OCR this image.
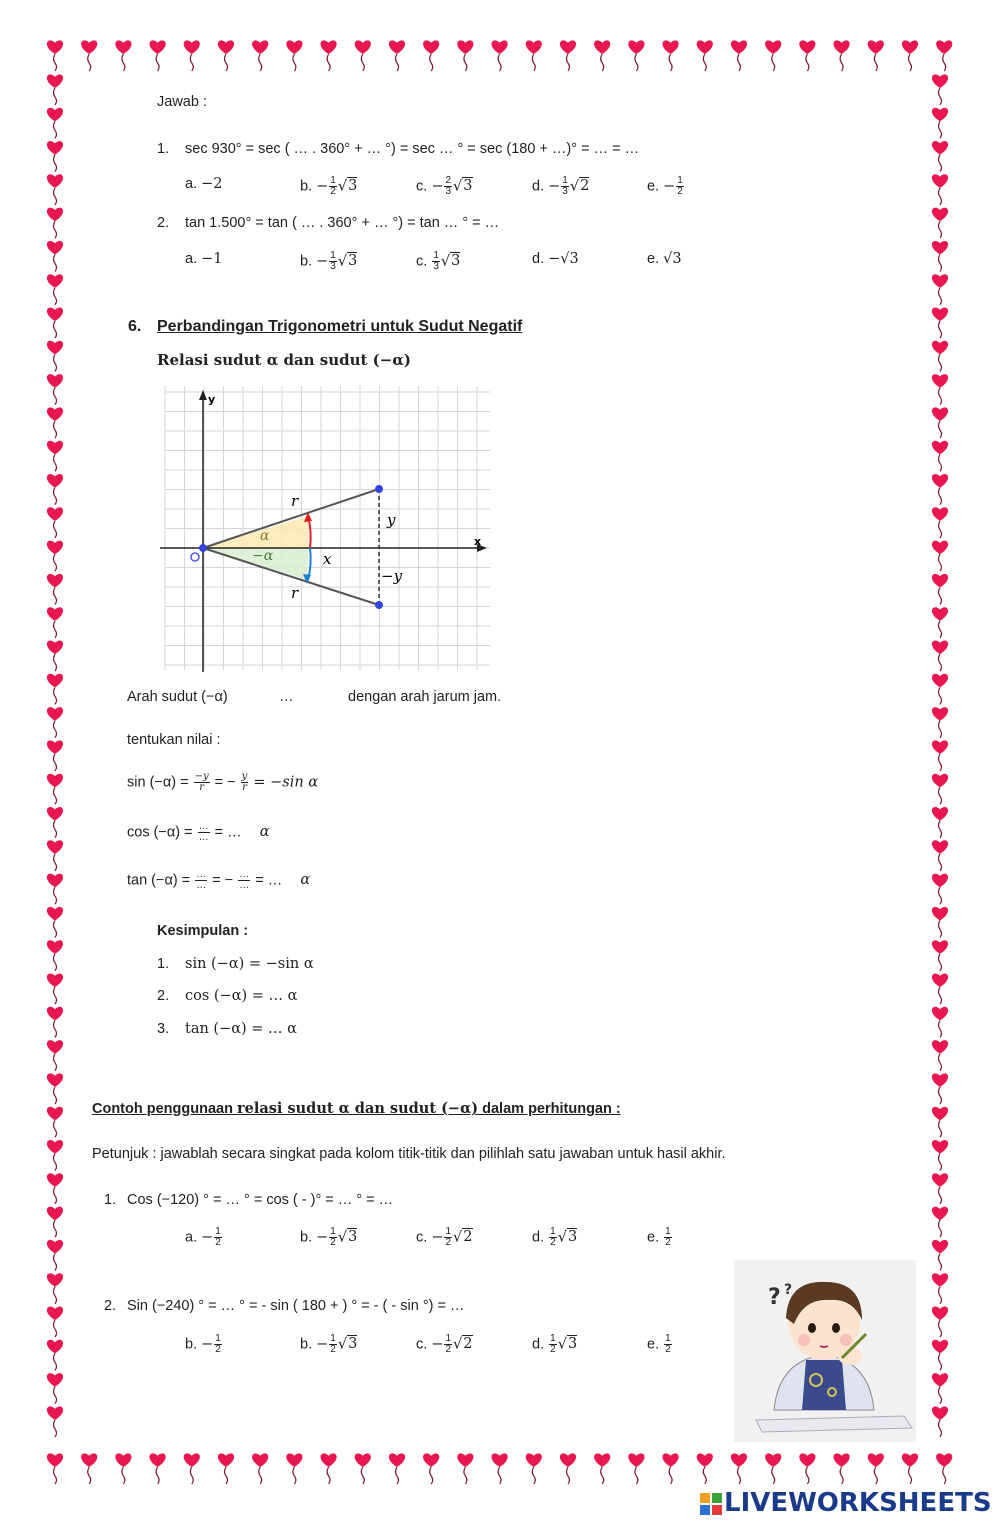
Jawab :
1. sec 930° = sec ( … . 360° + … °) = sec … ° = sec (180 + …)° = … = …
a. −2	b. − $\frac{1}{2} √3$	c. − $\frac{2}{3} √3$	d. − $\frac{1}{3} √2$	e. − $\frac{1}{2}$
2. tan 1.500° = tan ( … . 360° + … °) = tan … ° = …
a. −1	b. − $\frac{1}{3} √3$	c. $\frac{1}{3} √3$	d. −√3	e. √3
6. Perbandingan Trigonometri untuk Sudut Negatif
Relasi sudut α dan sudut (−α)
y
x
r
r
α
−α	x
y
−y
Arah sudut (−α)	…	dengan arah jarum jam.
tentukan nilai :
$\sin (-\alpha) = \frac{-y}{r}$ = − $\frac{y}{r} = -\sin$ α
$\cos (-\alpha) = \frac{\dots}{\dots}$ = … α
$\tan (-\alpha) = \frac{\dots}{\dots}$ = − $\frac{\dots}{\dots}$ = … α
Kesimpulan :
1. sin (−α) = −sin α
2. cos (−α) = … α
3. tan (−α) = … α
Contoh penggunaan relasi sudut α dan sudut (−α) dalam perhitungan :
Petunjuk : jawablah secara singkat pada kolom titik-titik dan pilihlah satu jawaban untuk hasil akhir.
1. Cos (−120) ° = … ° = cos ( - )° = … ° = …
a. − $\frac{1}{2}$	b. − $\frac{1}{2} √3$	c. − $\frac{1}{2} √2$	d. $\frac{1}{2} √3$	e. $\frac{1}{2}$
2. Sin (−240) ° = … ° = - sin ( 180 + ) ° = - ( - sin °) = …
b. − $\frac{1}{2}$	b. − $\frac{1}{2} √3$	c. − $\frac{1}{2} √2$	d. $\frac{1}{2} √3$	e. $\frac{1}{2}$
? ?
LIVEWORKSHEETS
